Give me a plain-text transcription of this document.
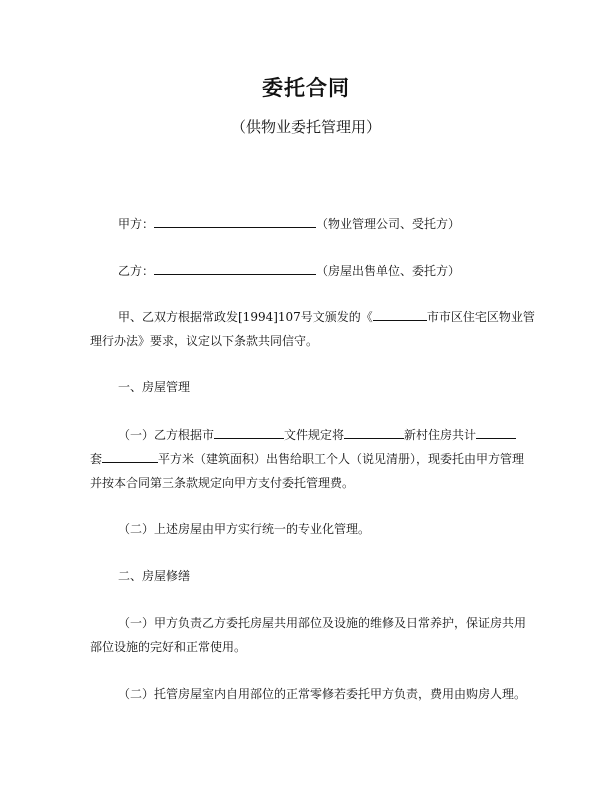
委托合同
（供物业委托管理用）
甲方：	（物业管理公司、受托方）
乙方：	（房屋出售单位、委托方）
甲、乙双方根据常政发[1994]107号文颁发的《	市市区住宅区物业管
理行办法》要求，议定以下条款共同信守。
一、房屋管理
（一）乙方根据市	文件规定将	新村住房共计
套	平方米（建筑面积）出售给职工个人（说见清册），现委托由甲方管理
并按本合同第三条款规定向甲方支付委托管理费。
（二）上述房屋由甲方实行统一的专业化管理。
二、房屋修缮
（一）甲方负责乙方委托房屋共用部位及设施的维修及日常养护，保证房共用
部位设施的完好和正常使用。
（二）托管房屋室内自用部位的正常零修若委托甲方负责，费用由购房人理。
